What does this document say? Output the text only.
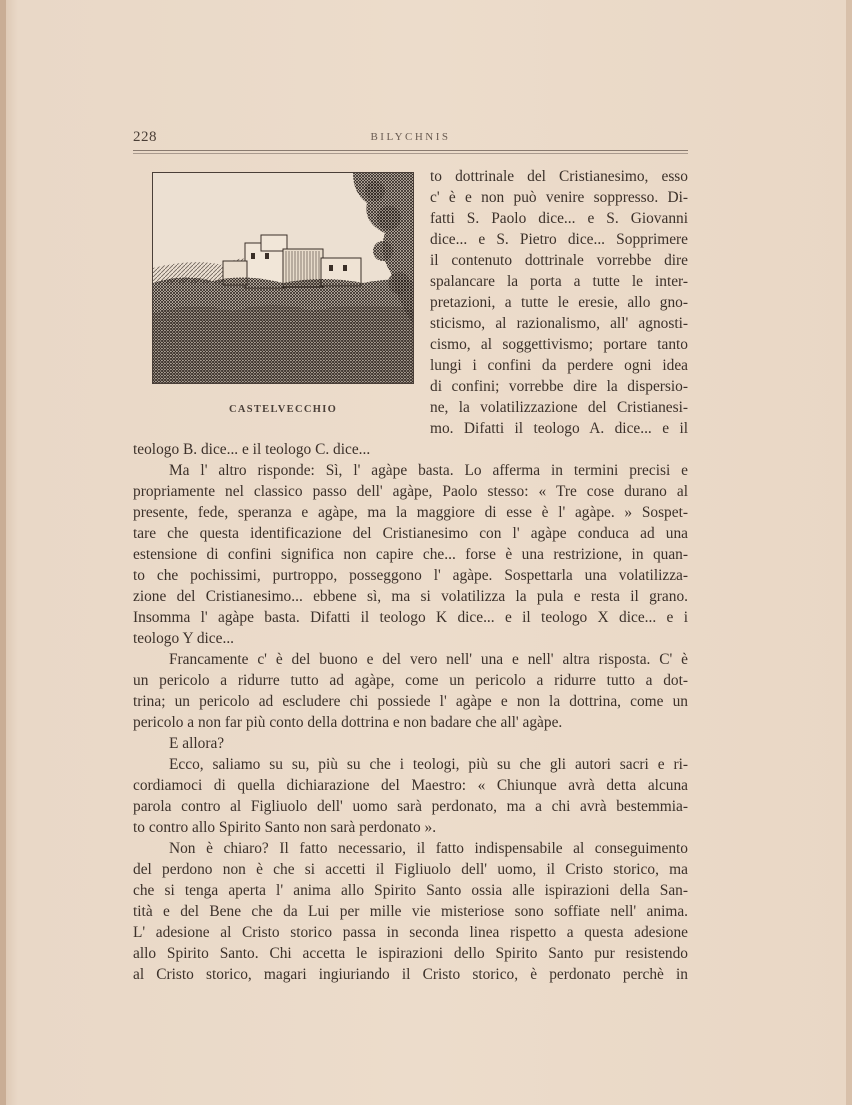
228	BILYCHNIS
CASTELVECCHIO
to dottrinale del Cristianesimo, esso
c' è e non può venire soppresso. Di-
fatti S. Paolo dice... e S. Giovanni
dice... e S. Pietro dice... Sopprimere
il contenuto dottrinale vorrebbe dire
spalancare la porta a tutte le inter-
pretazioni, a tutte le eresie, allo gno-
sticismo, al razionalismo, all' agnosti-
cismo, al soggettivismo; portare tanto
lungi i confini da perdere ogni idea
di confini; vorrebbe dire la dispersio-
ne, la volatilizzazione del Cristianesi-
mo. Difatti il teologo A. dice... e il
teologo B. dice... e il teologo C. dice...
Ma l' altro risponde: Sì, l' agàpe basta. Lo afferma in termini precisi e
propriamente nel classico passo dell' agàpe, Paolo stesso: « Tre cose durano al
presente, fede, speranza e agàpe, ma la maggiore di esse è l' agàpe. » Sospet-
tare che questa identificazione del Cristianesimo con l' agàpe conduca ad una
estensione di confini significa non capire che... forse è una restrizione, in quan-
to che pochissimi, purtroppo, posseggono l' agàpe. Sospettarla una volatilizza-
zione del Cristianesimo... ebbene sì, ma si volatilizza la pula e resta il grano.
Insomma l' agàpe basta. Difatti il teologo K dice... e il teologo X dice... e i
teologo Y dice...
Francamente c' è del buono e del vero nell' una e nell' altra risposta. C' è
un pericolo a ridurre tutto ad agàpe, come un pericolo a ridurre tutto a dot-
trina; un pericolo ad escludere chi possiede l' agàpe e non la dottrina, come un
pericolo a non far più conto della dottrina e non badare che all' agàpe.
E allora?
Ecco, saliamo su su, più su che i teologi, più su che gli autori sacri e ri-
cordiamoci di quella dichiarazione del Maestro: « Chiunque avrà detta alcuna
parola contro al Figliuolo dell' uomo sarà perdonato, ma a chi avrà bestemmia-
to contro allo Spirito Santo non sarà perdonato ».
Non è chiaro? Il fatto necessario, il fatto indispensabile al conseguimento
del perdono non è che si accetti il Figliuolo dell' uomo, il Cristo storico, ma
che si tenga aperta l' anima allo Spirito Santo ossia alle ispirazioni della San-
tità e del Bene che da Lui per mille vie misteriose sono soffiate nell' anima.
L' adesione al Cristo storico passa in seconda linea rispetto a questa adesione
allo Spirito Santo. Chi accetta le ispirazioni dello Spirito Santo pur resistendo
al Cristo storico, magari ingiuriando il Cristo storico, è perdonato perchè in
